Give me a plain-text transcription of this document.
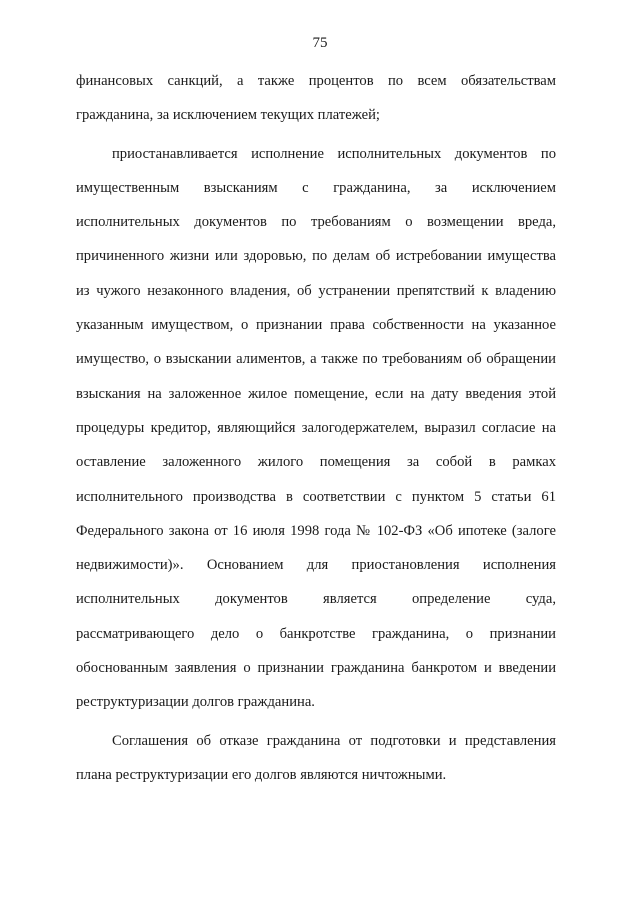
75
финансовых санкций, а также процентов по всем обязательствам
гражданина, за исключением текущих платежей;
приостанавливается исполнение исполнительных документов по
имущественным взысканиям с гражданина, за исключением
исполнительных документов по требованиям о возмещении вреда,
причиненного жизни или здоровью, по делам об истребовании имущества
из чужого незаконного владения, об устранении препятствий к владению
указанным имуществом, о признании права собственности на указанное
имущество, о взыскании алиментов, а также по требованиям об обращении
взыскания на заложенное жилое помещение, если на дату введения этой
процедуры кредитор, являющийся залогодержателем, выразил согласие на
оставление заложенного жилого помещения за собой в рамках
исполнительного производства в соответствии с пунктом 5 статьи 61
Федерального закона от 16 июля 1998 года № 102-ФЗ «Об ипотеке (залоге
недвижимости)». Основанием для приостановления исполнения
исполнительных документов является определение суда,
рассматривающего дело о банкротстве гражданина, о признании
обоснованным заявления о признании гражданина банкротом и введении
реструктуризации долгов гражданина.
Соглашения об отказе гражданина от подготовки и представления
плана реструктуризации его долгов являются ничтожными.
